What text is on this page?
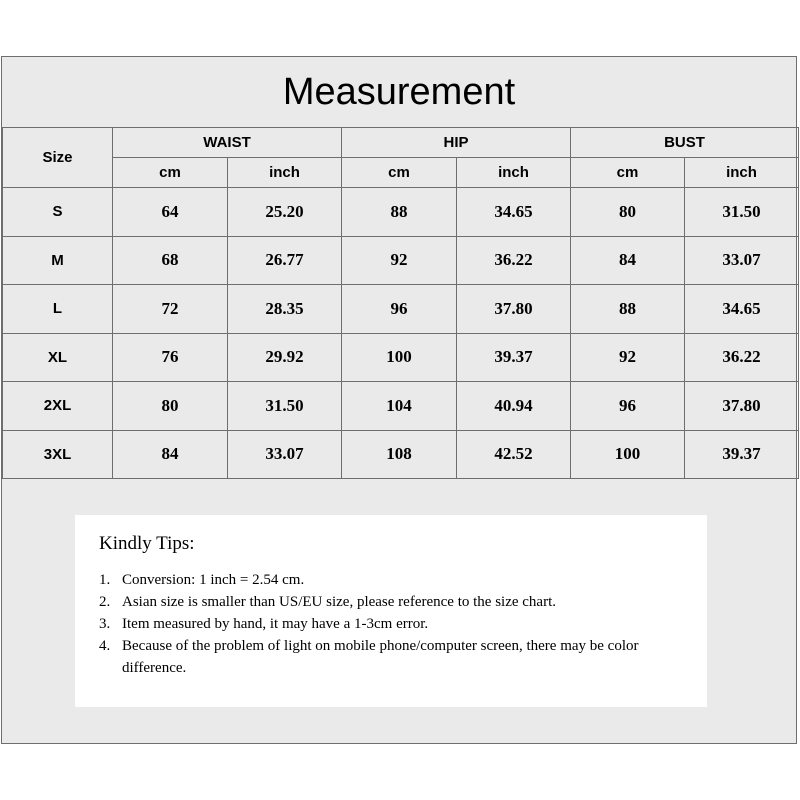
Measurement
Size	WAIST		HIP		BUST	
	cm	inch	cm	inch	cm	inch
S	64	25.20	88	34.65	80	31.50
M	68	26.77	92	36.22	84	33.07
L	72	28.35	96	37.80	88	34.65
XL	76	29.92	100	39.37	92	36.22
2XL	80	31.50	104	40.94	96	37.80
3XL	84	33.07	108	42.52	100	39.37
Kindly Tips:
1. Conversion: 1 inch = 2.54 cm.
2. Asian size is smaller than US/EU size, please reference to the size chart.
3. Item measured by hand, it may have a 1-3cm error.
4. Because of the problem of light on mobile phone/computer screen, there may be color difference.
